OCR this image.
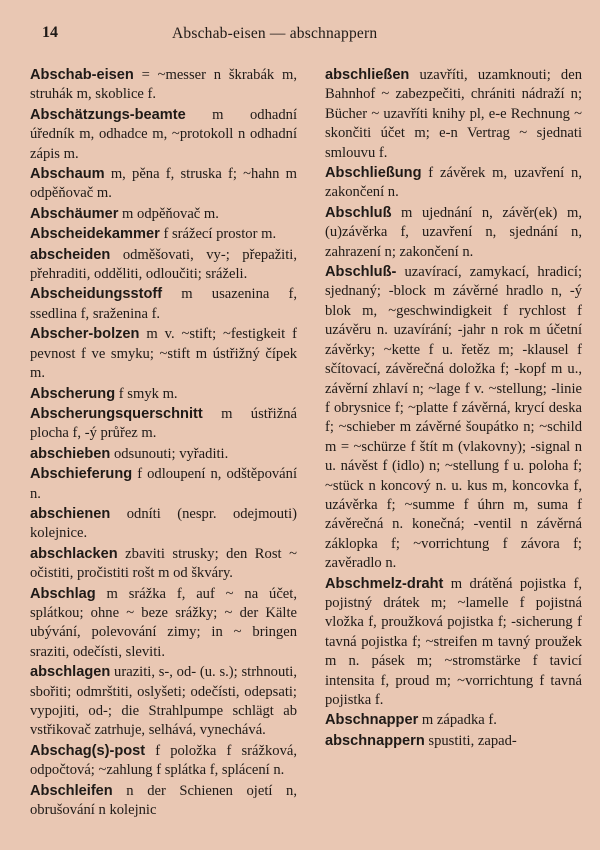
14	Abschab-eisen — abschnappern

Abschab-eisen = ~messer n škrabák m, struhák m, skoblice f.

Abschätzungs-beamte m odhadní úředník m, odhadce m, ~protokoll n odhadní zápis m.

Abschaum m, pěna f, struska f; ~hahn m odpěňovač m.

Abschäumer m odpěňovač m.

Abscheidekammer f srážecí prostor m.

abscheiden odměšovati, vy-; přepažiti, přehraditi, odděliti, odloučiti; sráželi.

Abscheidungsstoff m usazenina f, ssedlina f, sraženina f.

Abscher-bolzen m v. ~stift; ~festigkeit f pevnost f ve smyku; ~stift m ústřižný čípek m.

Abscherung f smyk m.

Abscherungsquerschnitt m ústřižná plocha f, -ý průřez m.

abschieben odsunouti; vyřaditi.

Abschieferung f odloupení n, odštěpování n.

abschienen odníti (nespr. odejmouti) kolejnice.

abschlacken zbaviti strusky; den Rost ~ očistiti, pročistiti rošt m od škváry.

Abschlag m srážka f, auf ~ na účet, splátkou; ohne ~ beze srážky; ~ der Kälte ubývání, polevování zimy; in ~ bringen sraziti, odečísti, sleviti.

abschlagen uraziti, s-, od- (u. s.); strhnouti, sbořiti; odmrštiti, oslyšeti; odečísti, odepsati; vypojiti, od-; die Strahlpumpe schlägt ab vstřikovač zatrhuje, selhává, vynechává.

Abschag(s)-post f položka f srážková, odpočtová; ~zahlung f splátka f, splácení n.

Abschleifen n der Schienen ojetí n, obrušování n kolejnic

abschließen uzavříti, uzamknouti; den Bahnhof ~ zabezpečiti, chrániti nádraží n; Bücher ~ uzavříti knihy pl, e-e Rechnung ~ skončiti účet m; e-n Vertrag ~ sjednati smlouvu f.

Abschließung f závěrek m, uzavření n, zakončení n.

Abschluß m ujednání n, závěr(ek) m, (u)závěrka f, uzavření n, sjednání n, zahrazení n; zakončení n.

Abschluß- uzavírací, zamykací, hradicí; sjednaný; -block m závěrné hradlo n, -ý blok m, ~geschwindigkeit f rychlost f uzávěru n. uzavírání; -jahr n rok m účetní závěrky; ~kette f u. řetěz m; -klausel f sčítovací, závěrečná doložka f; -kopf m u., závěrní zhlaví n; ~lage f v. ~stellung; -linie f obrysnice f; ~platte f závěrná, krycí deska f; ~schieber m závěrné šoupátko n; ~schild m = ~schürze f štít m (vlakovny); -signal n u. návěst f (idlo) n; ~stellung f u. poloha f; ~stück n koncový n. u. kus m, koncovka f, uzávěrka f; ~summe f úhrn m, suma f závěrečná n. konečná; -ventil n závěrná záklopka f; ~vorrichtung f závora f; zavěradlo n.

Abschmelz-draht m drátěná pojistka f, pojistný drátek m; ~lamelle f pojistná vložka f, proužková pojistka f; -sicherung f tavná pojistka f; ~streifen m tavný proužek m n. pásek m; ~stromstärke f tavicí intensita f, proud m; ~vorrichtung f tavná pojistka f.

Abschnapper m západka f.

abschnappern spustiti, zapad-
